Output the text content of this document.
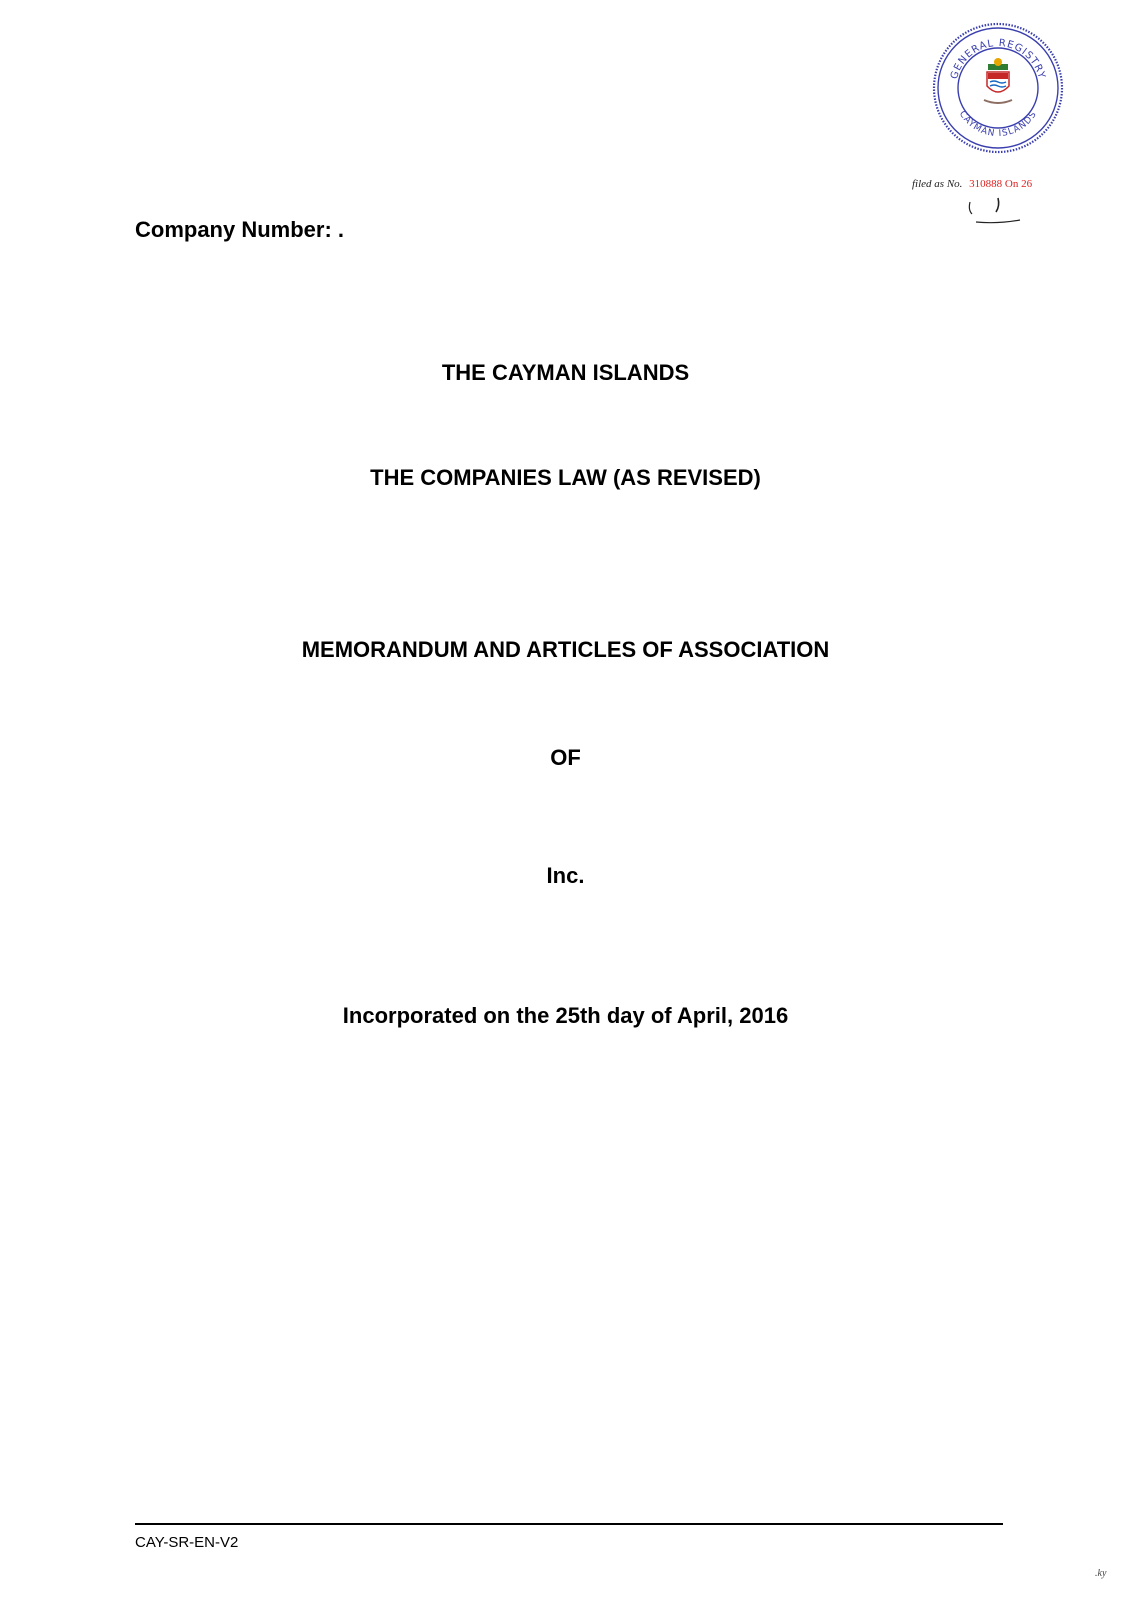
GENERAL REGISTRY
CAYMAN ISLANDS
filed as No. 310888 On 26
Company Number: .
THE CAYMAN ISLANDS
THE COMPANIES LAW (AS REVISED)
MEMORANDUM AND ARTICLES OF ASSOCIATION
OF
Inc.
Incorporated on the 25th day of April, 2016
CAY-SR-EN-V2
.ky
